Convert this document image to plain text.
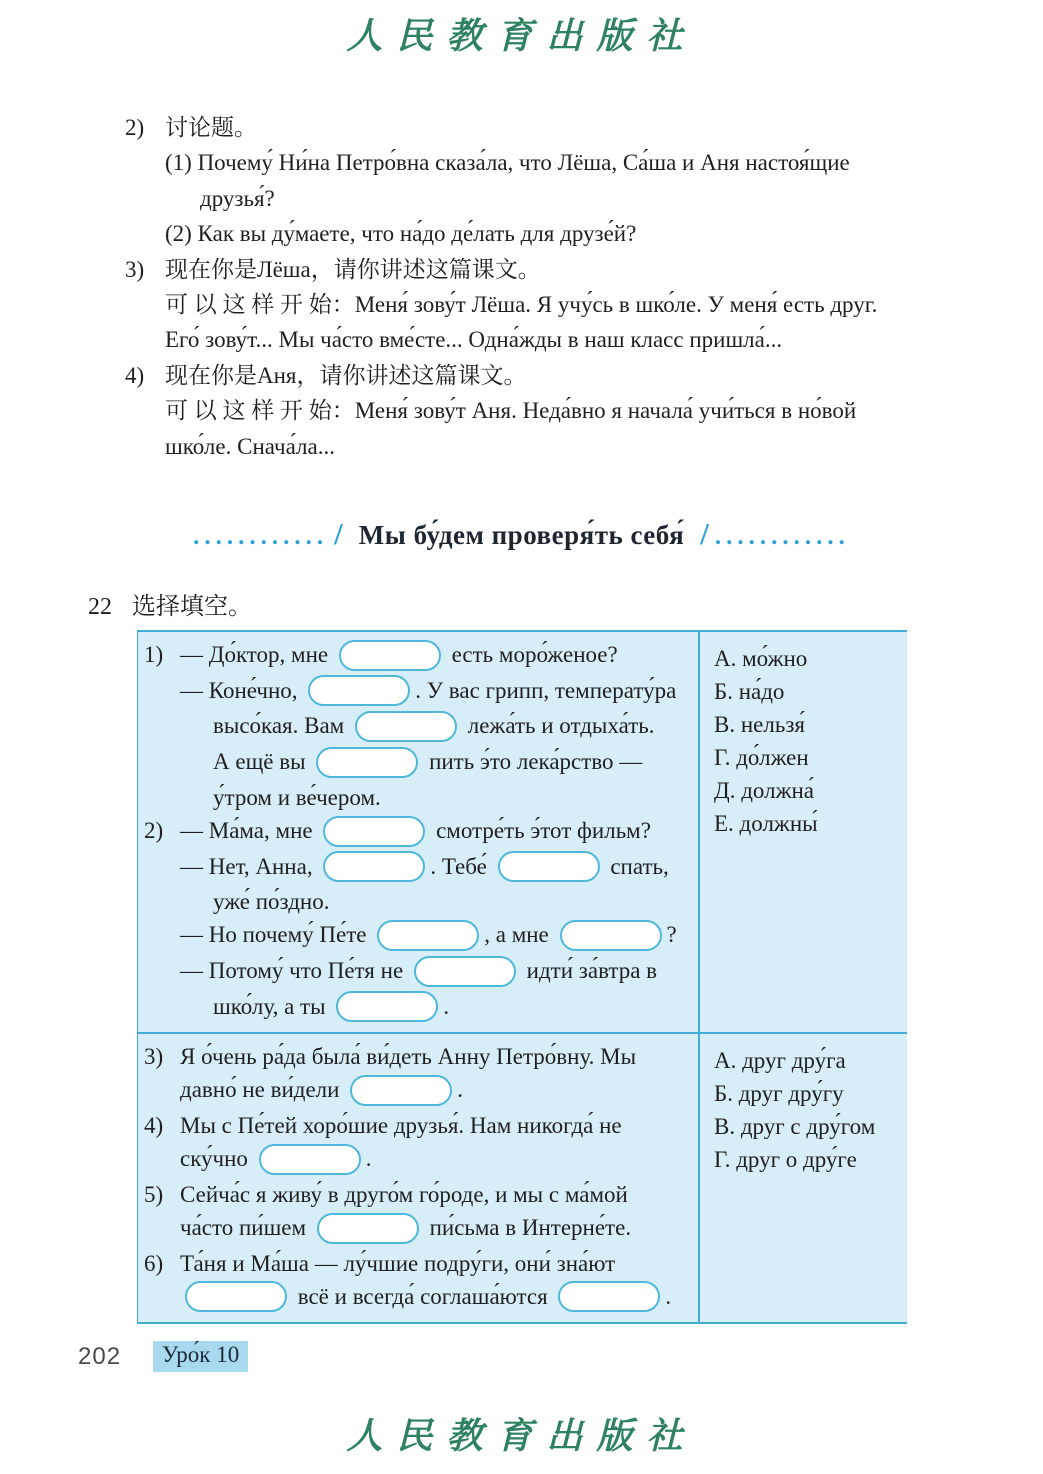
人民教育出版社
2) 讨论题。
(1) Почему́ Ни́на Петро́вна сказа́ла, что Лёша, Са́ша и Аня настоя́щие
друзья́?
(2) Как вы ду́маете, что на́до де́лать для друзе́й?
3) 现在你是Лёша，请你讲述这篇课文。
可 以 这 样 开 始：Меня́ зову́т Лёша. Я учу́сь в шко́ле. У меня́ есть друг.
Его́ зову́т... Мы ча́сто вме́сте... Одна́жды в наш класс пришла́...
4) 现在你是Аня，请你讲述这篇课文。
可 以 这 样 开 始：Меня́ зову́т Аня. Неда́вно я начала́ учи́ться в но́вой
шко́ле. Снача́ла...
............ / Мы бу́дем проверя́ть себя́ / ............
22 选择填空。
1) — До́ктор, мне	есть моро́женое?
— Коне́чно,	. У вас грипп, температу́ра
высо́кая. Вам	лежа́ть и отдыха́ть.
А ещё вы	пить э́то лека́рство —
у́тром и ве́чером.
2) — Ма́ма, мне	смотре́ть э́тот фильм?
— Нет, Анна,	. Тебе́	спать,
уже́ по́здно.
— Но почему́ Пе́те	, а мне	?
— Потому́ что Пе́тя не	идти́ за́втра в
шко́лу, а ты	.
А. мо́жно
Б. на́до
В. нельзя́
Г. до́лжен
Д. должна́
Е. должны́
3) Я о́чень ра́да была́ ви́деть Анну Петро́вну. Мы
давно́ не ви́дели	.
4) Мы с Пе́тей хоро́шие друзья́. Нам никогда́ не
ску́чно	.
5) Сейча́с я живу́ в друго́м го́роде, и мы с ма́мой
ча́сто пи́шем	пи́сьма в Интерне́те.
6) Та́ня и Ма́ша — лу́чшие подру́ги, они́ зна́ют
всё и всегда́ соглаша́ются	.
А. друг дру́га
Б. друг дру́гу
В. друг с дру́гом
Г. друг о дру́ге
202	Уро́к 10
人民教育出版社
